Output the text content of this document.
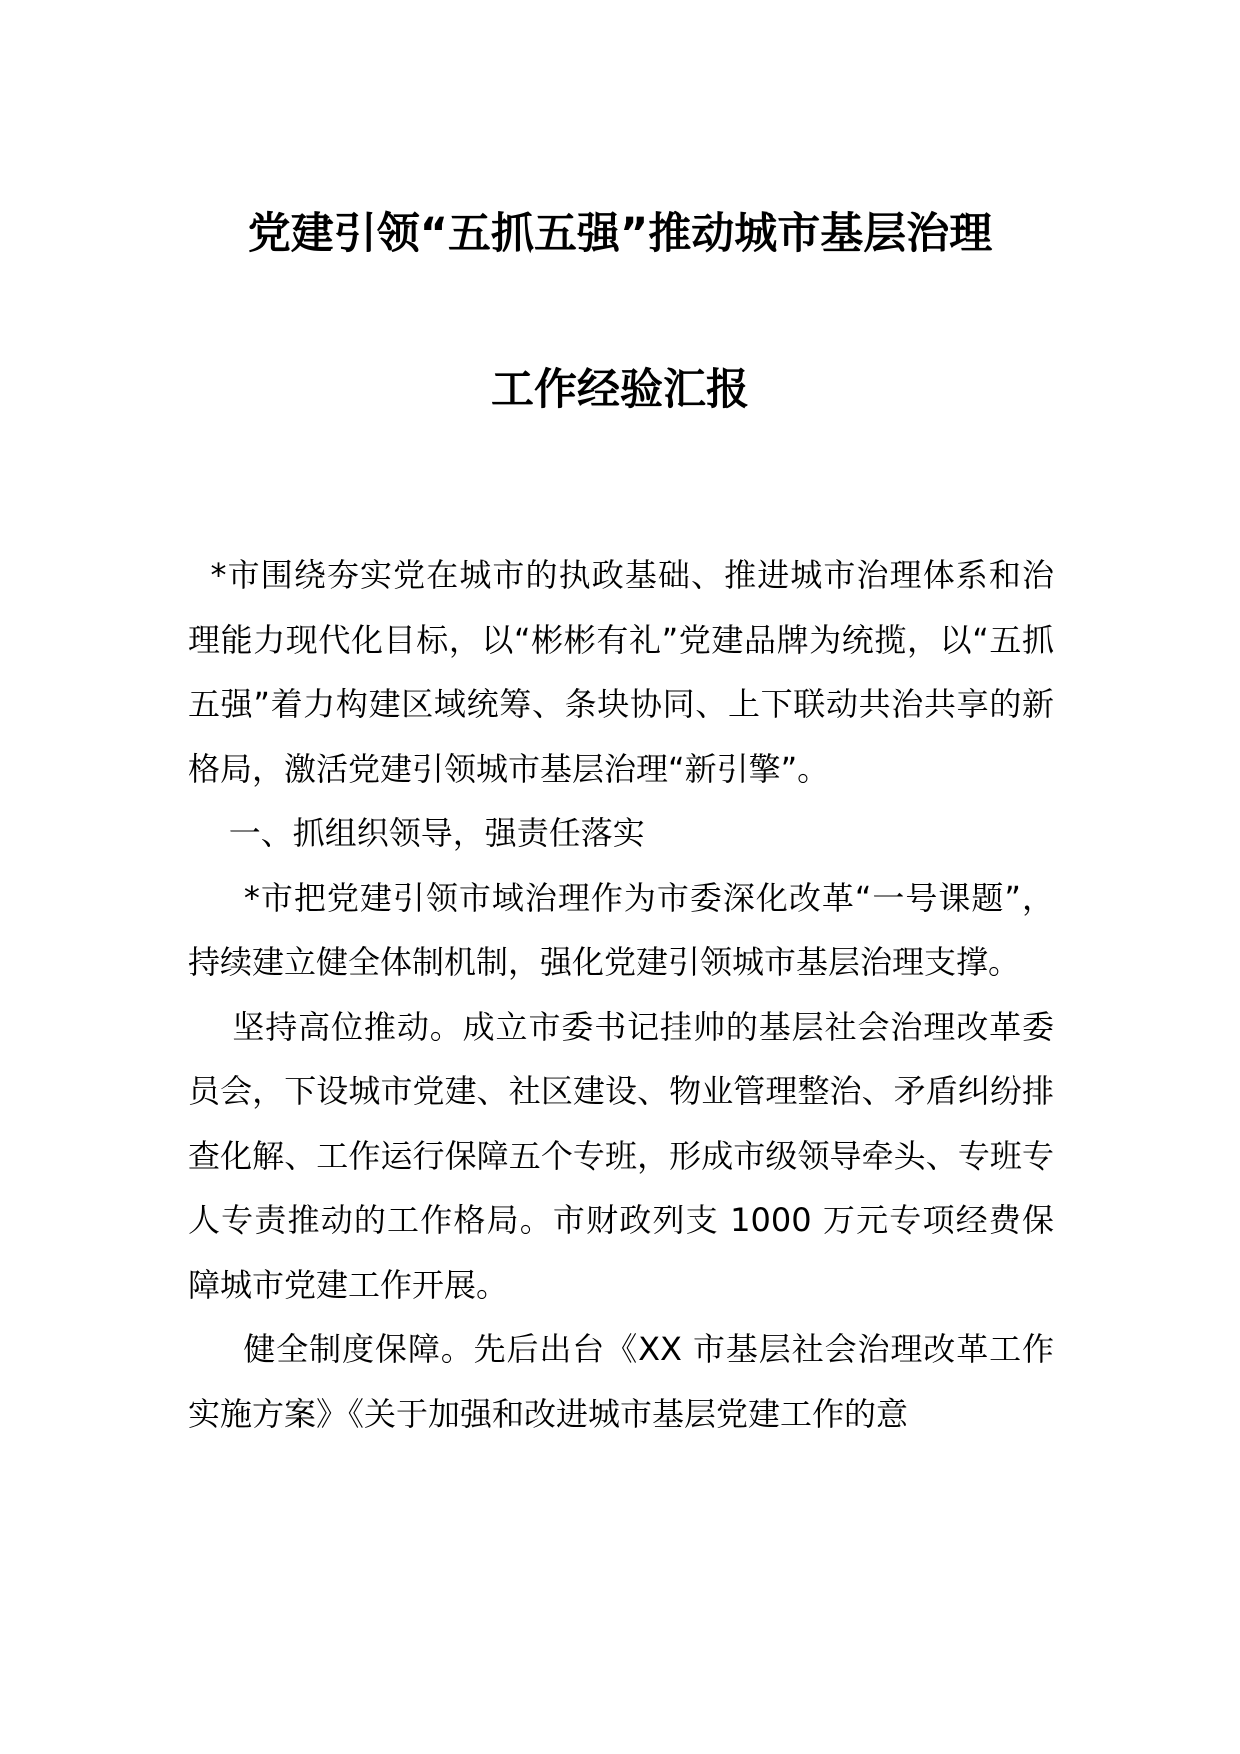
党建引领“五抓五强”推动城市基层治理
工作经验汇报

*市围绕夯实党在城市的执政基础、推进城市治理体系和治理能力现代化目标，以“彬彬有礼”党建品牌为统揽，以“五抓五强”着力构建区域统筹、条块协同、上下联动共治共享的新格局，激活党建引领城市基层治理“新引擎”。

一、抓组织领导，强责任落实

*市把党建引领市域治理作为市委深化改革“一号课题”，持续建立健全体制机制，强化党建引领城市基层治理支撑。

坚持高位推动。成立市委书记挂帅的基层社会治理改革委员会，下设城市党建、社区建设、物业管理整治、矛盾纠纷排查化解、工作运行保障五个专班，形成市级领导牵头、专班专人专责推动的工作格局。市财政列支 1000 万元专项经费保障城市党建工作开展。

健全制度保障。先后出台《XX 市基层社会治理改革工作实施方案》《关于加强和改进城市基层党建工作的意
